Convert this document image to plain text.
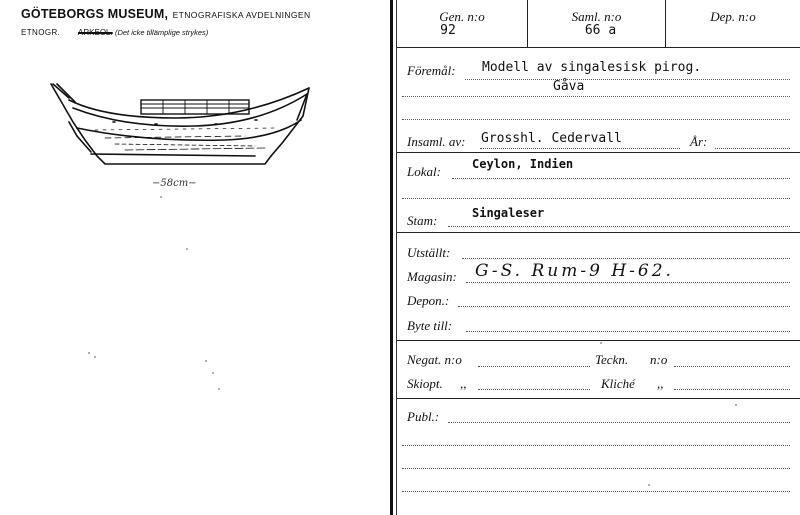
GÖTEBORGS MUSEUM, ETNOGRAFISKA AVDELNINGEN
ETNOGR. ARKEOL. (Det icke tillämplige strykes)
−58cm−
Gen. n:o
92
Saml. n:o
66 a
Dep. n:o
Föremål: Modell av singalesisk pirog.
Gåva
Insaml. av: Grosshl. Cedervall	År:
Lokal:	Ceylon, Indien
Stam:	Singaleser
Utställt:
Magasin: G-S. Rum-9 H-62.
Depon.:
Byte till:
Negat. n:o	Teckn. n:o
Skiopt. ,,	Kliché ,,
Publ.:
